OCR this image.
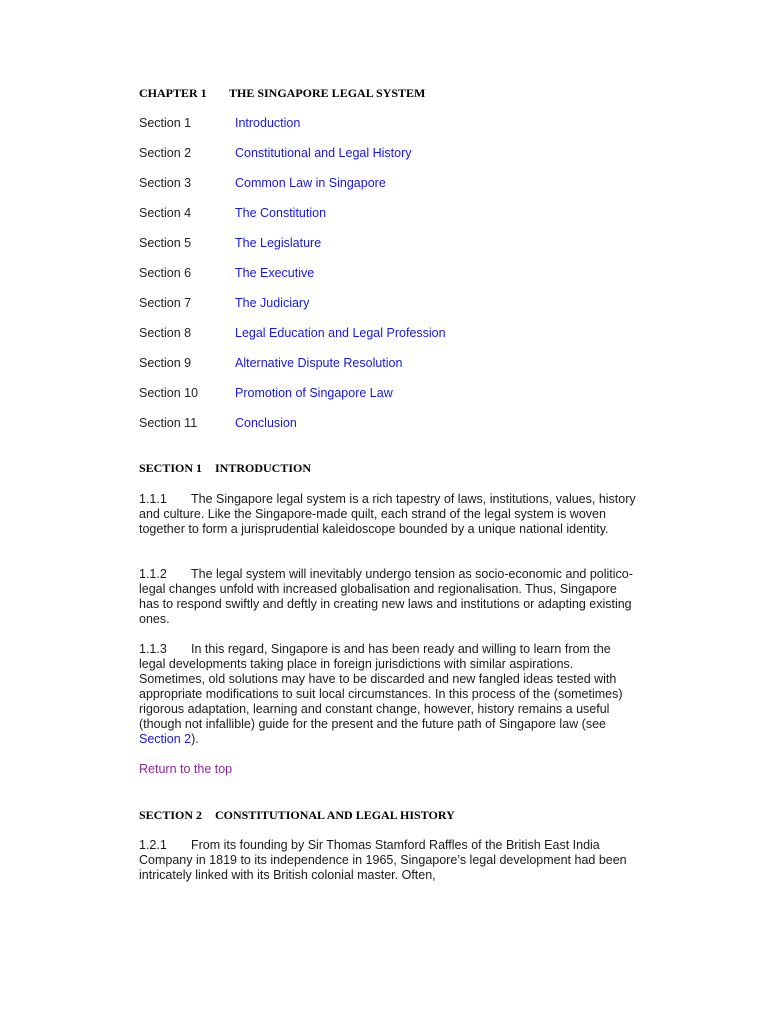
CHAPTER 1 THE SINGAPORE LEGAL SYSTEM
Section 1	Introduction
Section 2	Constitutional and Legal History
Section 3	Common Law in Singapore
Section 4	The Constitution
Section 5	The Legislature
Section 6	The Executive
Section 7	The Judiciary
Section 8	Legal Education and Legal Profession
Section 9	Alternative Dispute Resolution
Section 10	Promotion of Singapore Law
Section 11	Conclusion
SECTION 1 INTRODUCTION

1.1.1 The Singapore legal system is a rich tapestry of laws, institutions, values, history and culture. Like the Singapore-made quilt, each strand of the legal system is woven together to form a jurisprudential kaleidoscope bounded by a unique national identity.

1.1.2 The legal system will inevitably undergo tension as socio-economic and politico-legal changes unfold with increased globalisation and regionalisation. Thus, Singapore has to respond swiftly and deftly in creating new laws and institutions or adapting existing ones.

1.1.3 In this regard, Singapore is and has been ready and willing to learn from the legal developments taking place in foreign jurisdictions with similar aspirations. Sometimes, old solutions may have to be discarded and new fangled ideas tested with appropriate modifications to suit local circumstances. In this process of the (sometimes) rigorous adaptation, learning and constant change, however, history remains a useful (though not infallible) guide for the present and the future path of Singapore law (see Section 2).

Return to the top
SECTION 2 CONSTITUTIONAL AND LEGAL HISTORY

1.2.1 From its founding by Sir Thomas Stamford Raffles of the British East India Company in 1819 to its independence in 1965, Singapore’s legal development had been intricately linked with its British colonial master. Often,
